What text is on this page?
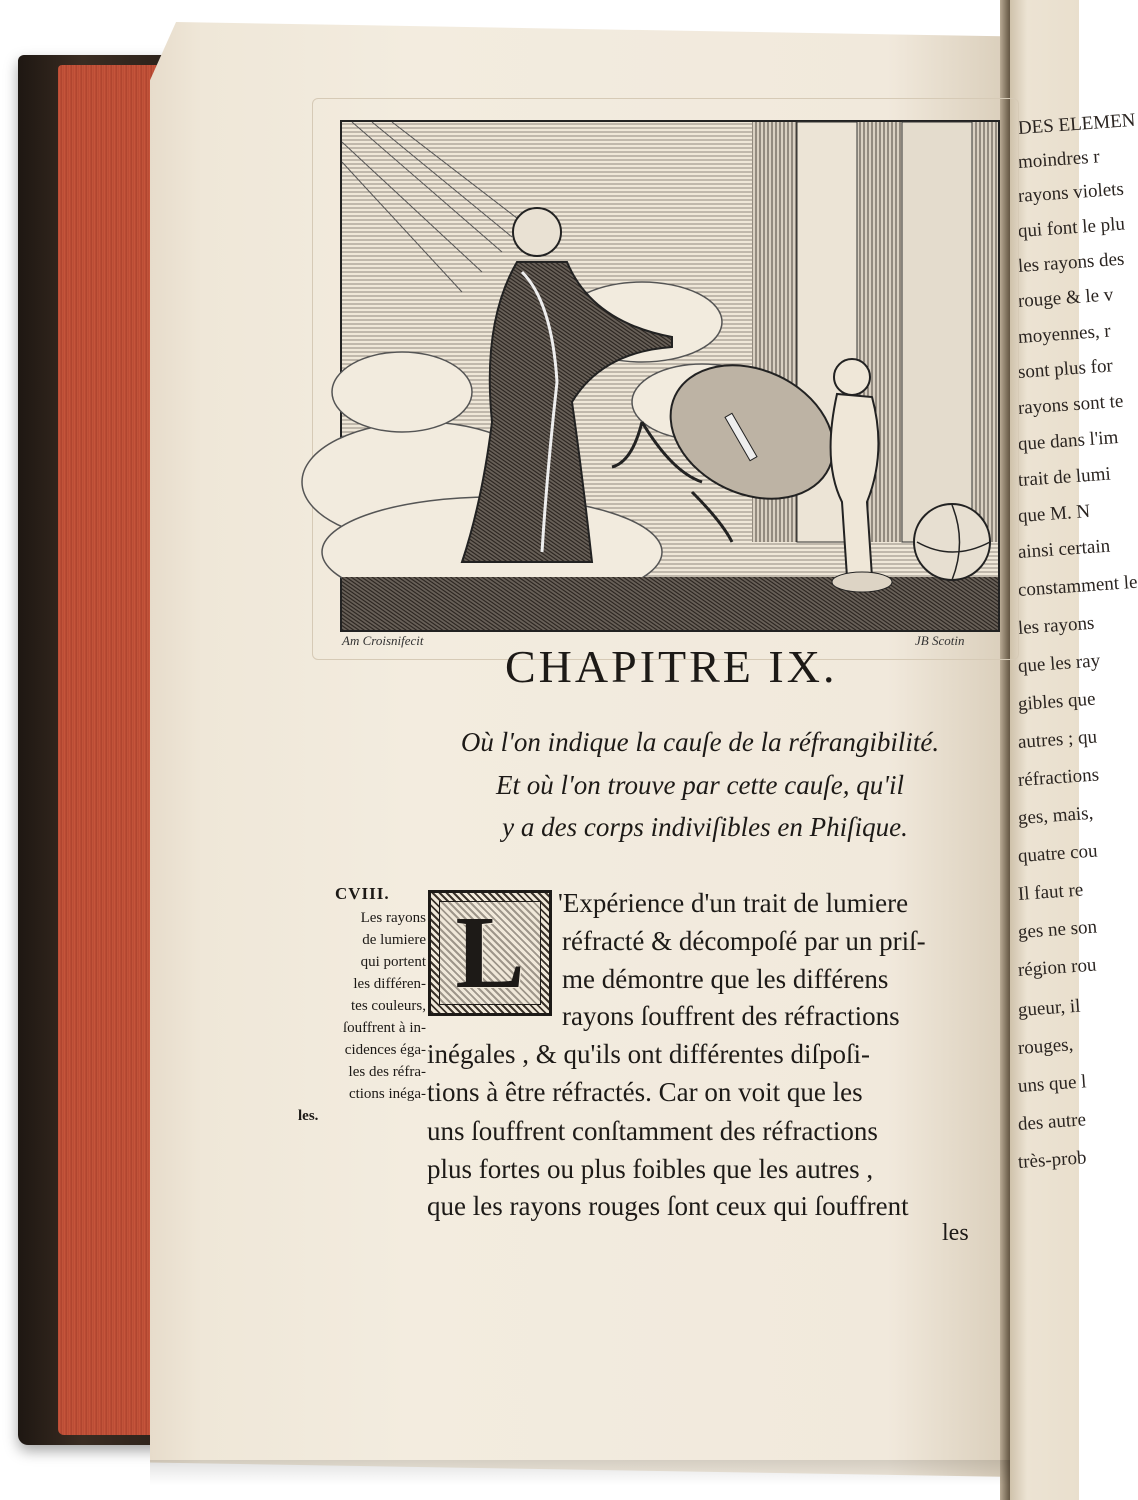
DES ELEMEN
moindres r
rayons violets
qui font le plu
les rayons des
rouge & le v
moyennes, r
sont plus for
rayons sont te
que dans l'im
trait de lumi
que M. N
ainsi certain
constamment le
les rayons
que les ray
gibles que
autres ; qu
réfractions
ges, mais,
quatre cou
Il faut re
ges ne son
région rou
gueur, il
rouges,
uns que l
des autre
très-prob
Am Croisnifecit	JB Scotin
CHAPITRE IX.
Où l'on indique la cauſe de la réfrangibilité.
Et où l'on trouve par cette cauſe, qu'il
y a des corps indiviſibles en Phiſique.
CVIII.
Les rayons
de lumiere
qui portent
les différen-
tes couleurs,
ſouffrent à in-
cidences éga-
les des réfra-
ctions inéga-
les.
L 'Expérience d'un trait de lumiere
réfracté & décompoſé par un priſ-
me démontre que les différens
rayons ſouffrent des réfractions
inégales , & qu'ils ont différentes diſpoſi-
tions à être réfractés. Car on voit que les
uns ſouffrent conſtamment des réfractions
plus fortes ou plus foibles que les autres ,
que les rayons rouges ſont ceux qui ſouffrent
les
